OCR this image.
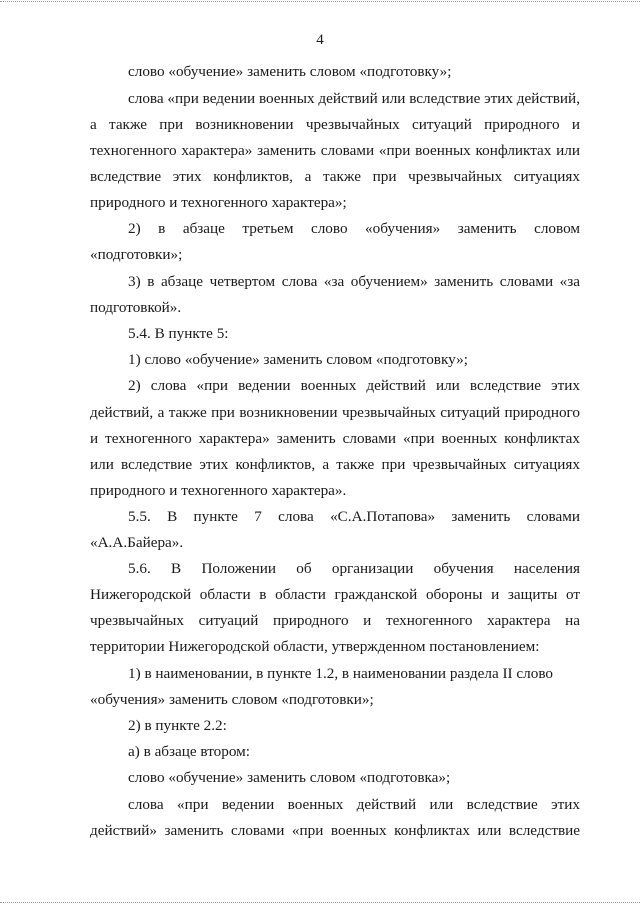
4
слово «обучение» заменить словом «подготовку»;
слова «при ведении военных действий или вследствие этих действий,
а также при возникновении чрезвычайных ситуаций природного и
техногенного характера» заменить словами «при военных конфликтах или
вследствие этих конфликтов, а также при чрезвычайных ситуациях
природного и техногенного характера»;
2) в абзаце третьем слово «обучения» заменить словом
«подготовки»;
3) в абзаце четвертом слова «за обучением» заменить словами «за
подготовкой».
5.4. В пункте 5:
1) слово «обучение» заменить словом «подготовку»;
2) слова «при ведении военных действий или вследствие этих
действий, а также при возникновении чрезвычайных ситуаций природного
и техногенного характера» заменить словами «при военных конфликтах
или вследствие этих конфликтов, а также при чрезвычайных ситуациях
природного и техногенного характера».
5.5. В пункте 7 слова «С.А.Потапова» заменить словами
«А.А.Байера».
5.6. В Положении об организации обучения населения
Нижегородской области в области гражданской обороны и защиты от
чрезвычайных ситуаций природного и техногенного характера на
территории Нижегородской области, утвержденном постановлением:
1) в наименовании, в пункте 1.2, в наименовании раздела II слово
«обучения» заменить словом «подготовки»;
2) в пункте 2.2:
а) в абзаце втором:
слово «обучение» заменить словом «подготовка»;
слова «при ведении военных действий или вследствие этих
действий» заменить словами «при военных конфликтах или вследствие
